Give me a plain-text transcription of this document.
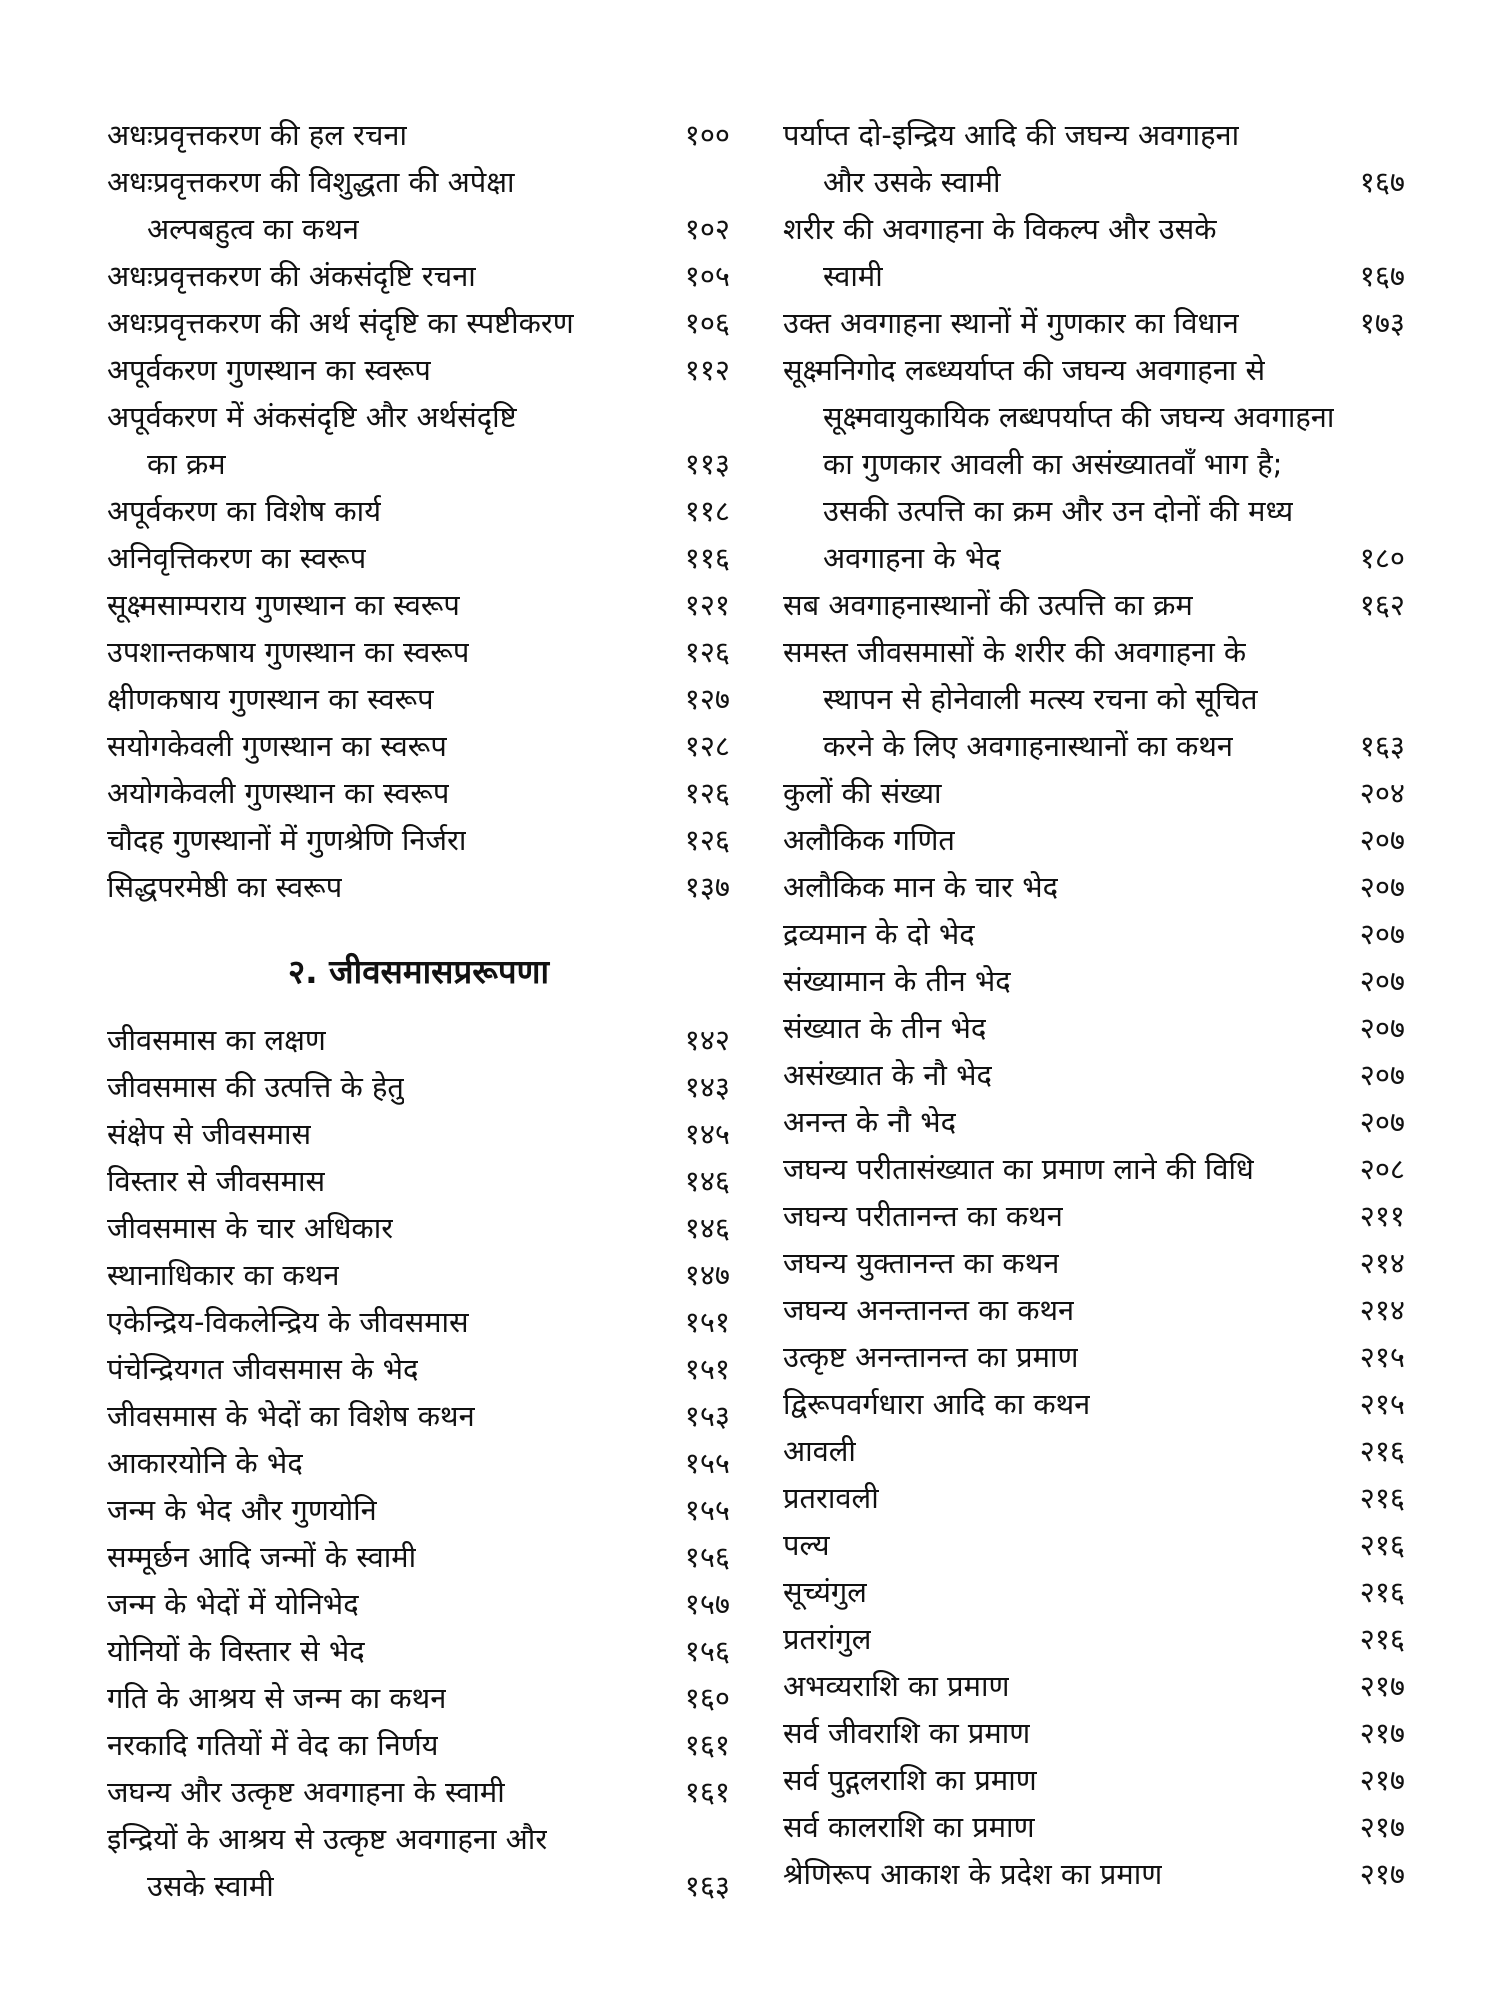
अधःप्रवृत्तकरण की हल रचना	१००
अधःप्रवृत्तकरण की विशुद्धता की अपेक्षा
अल्पबहुत्व का कथन	१०२
अधःप्रवृत्तकरण की अंकसंदृष्टि रचना	१०५
अधःप्रवृत्तकरण की अर्थ संदृष्टि का स्पष्टीकरण	१०६
अपूर्वकरण गुणस्थान का स्वरूप	११२
अपूर्वकरण में अंकसंदृष्टि और अर्थसंदृष्टि
का क्रम	११३
अपूर्वकरण का विशेष कार्य	११८
अनिवृत्तिकरण का स्वरूप	११६
सूक्ष्मसाम्पराय गुणस्थान का स्वरूप	१२१
उपशान्तकषाय गुणस्थान का स्वरूप	१२६
क्षीणकषाय गुणस्थान का स्वरूप	१२७
सयोगकेवली गुणस्थान का स्वरूप	१२८
अयोगकेवली गुणस्थान का स्वरूप	१२६
चौदह गुणस्थानों में गुणश्रेणि निर्जरा	१२६
सिद्धपरमेष्ठी का स्वरूप	१३७
२. जीवसमासप्ररूपणा
जीवसमास का लक्षण	१४२
जीवसमास की उत्पत्ति के हेतु	१४३
संक्षेप से जीवसमास	१४५
विस्तार से जीवसमास	१४६
जीवसमास के चार अधिकार	१४६
स्थानाधिकार का कथन	१४७
एकेन्द्रिय-विकलेन्द्रिय के जीवसमास	१५१
पंचेन्द्रियगत जीवसमास के भेद	१५१
जीवसमास के भेदों का विशेष कथन	१५३
आकारयोनि के भेद	१५५
जन्म के भेद और गुणयोनि	१५५
सम्मूर्छन आदि जन्मों के स्वामी	१५६
जन्म के भेदों में योनिभेद	१५७
योनियों के विस्तार से भेद	१५६
गति के आश्रय से जन्म का कथन	१६०
नरकादि गतियों में वेद का निर्णय	१६१
जघन्य और उत्कृष्ट अवगाहना के स्वामी	१६१
इन्द्रियों के आश्रय से उत्कृष्ट अवगाहना और
उसके स्वामी	१६३
पर्याप्त दो-इन्द्रिय आदि की जघन्य अवगाहना
और उसके स्वामी	१६७
शरीर की अवगाहना के विकल्प और उसके
स्वामी	१६७
उक्त अवगाहना स्थानों में गुणकार का विधान	१७३
सूक्ष्मनिगोद लब्ध्यर्याप्त की जघन्य अवगाहना से
सूक्ष्मवायुकायिक लब्धपर्याप्त की जघन्य अवगाहना
का गुणकार आवली का असंख्यातवाँ भाग है;
उसकी उत्पत्ति का क्रम और उन दोनों की मध्य
अवगाहना के भेद	१८०
सब अवगाहनास्थानों की उत्पत्ति का क्रम	१६२
समस्त जीवसमासों के शरीर की अवगाहना के
स्थापन से होनेवाली मत्स्य रचना को सूचित
करने के लिए अवगाहनास्थानों का कथन	१६३
कुलों की संख्या	२०४
अलौकिक गणित	२०७
अलौकिक मान के चार भेद	२०७
द्रव्यमान के दो भेद	२०७
संख्यामान के तीन भेद	२०७
संख्यात के तीन भेद	२०७
असंख्यात के नौ भेद	२०७
अनन्त के नौ भेद	२०७
जघन्य परीतासंख्यात का प्रमाण लाने की विधि	२०८
जघन्य परीतानन्त का कथन	२११
जघन्य युक्तानन्त का कथन	२१४
जघन्य अनन्तानन्त का कथन	२१४
उत्कृष्ट अनन्तानन्त का प्रमाण	२१५
द्विरूपवर्गधारा आदि का कथन	२१५
आवली	२१६
प्रतरावली	२१६
पल्य	२१६
सूच्यंगुल	२१६
प्रतरांगुल	२१६
अभव्यराशि का प्रमाण	२१७
सर्व जीवराशि का प्रमाण	२१७
सर्व पुद्गलराशि का प्रमाण	२१७
सर्व कालराशि का प्रमाण	२१७
श्रेणिरूप आकाश के प्रदेश का प्रमाण	२१७
